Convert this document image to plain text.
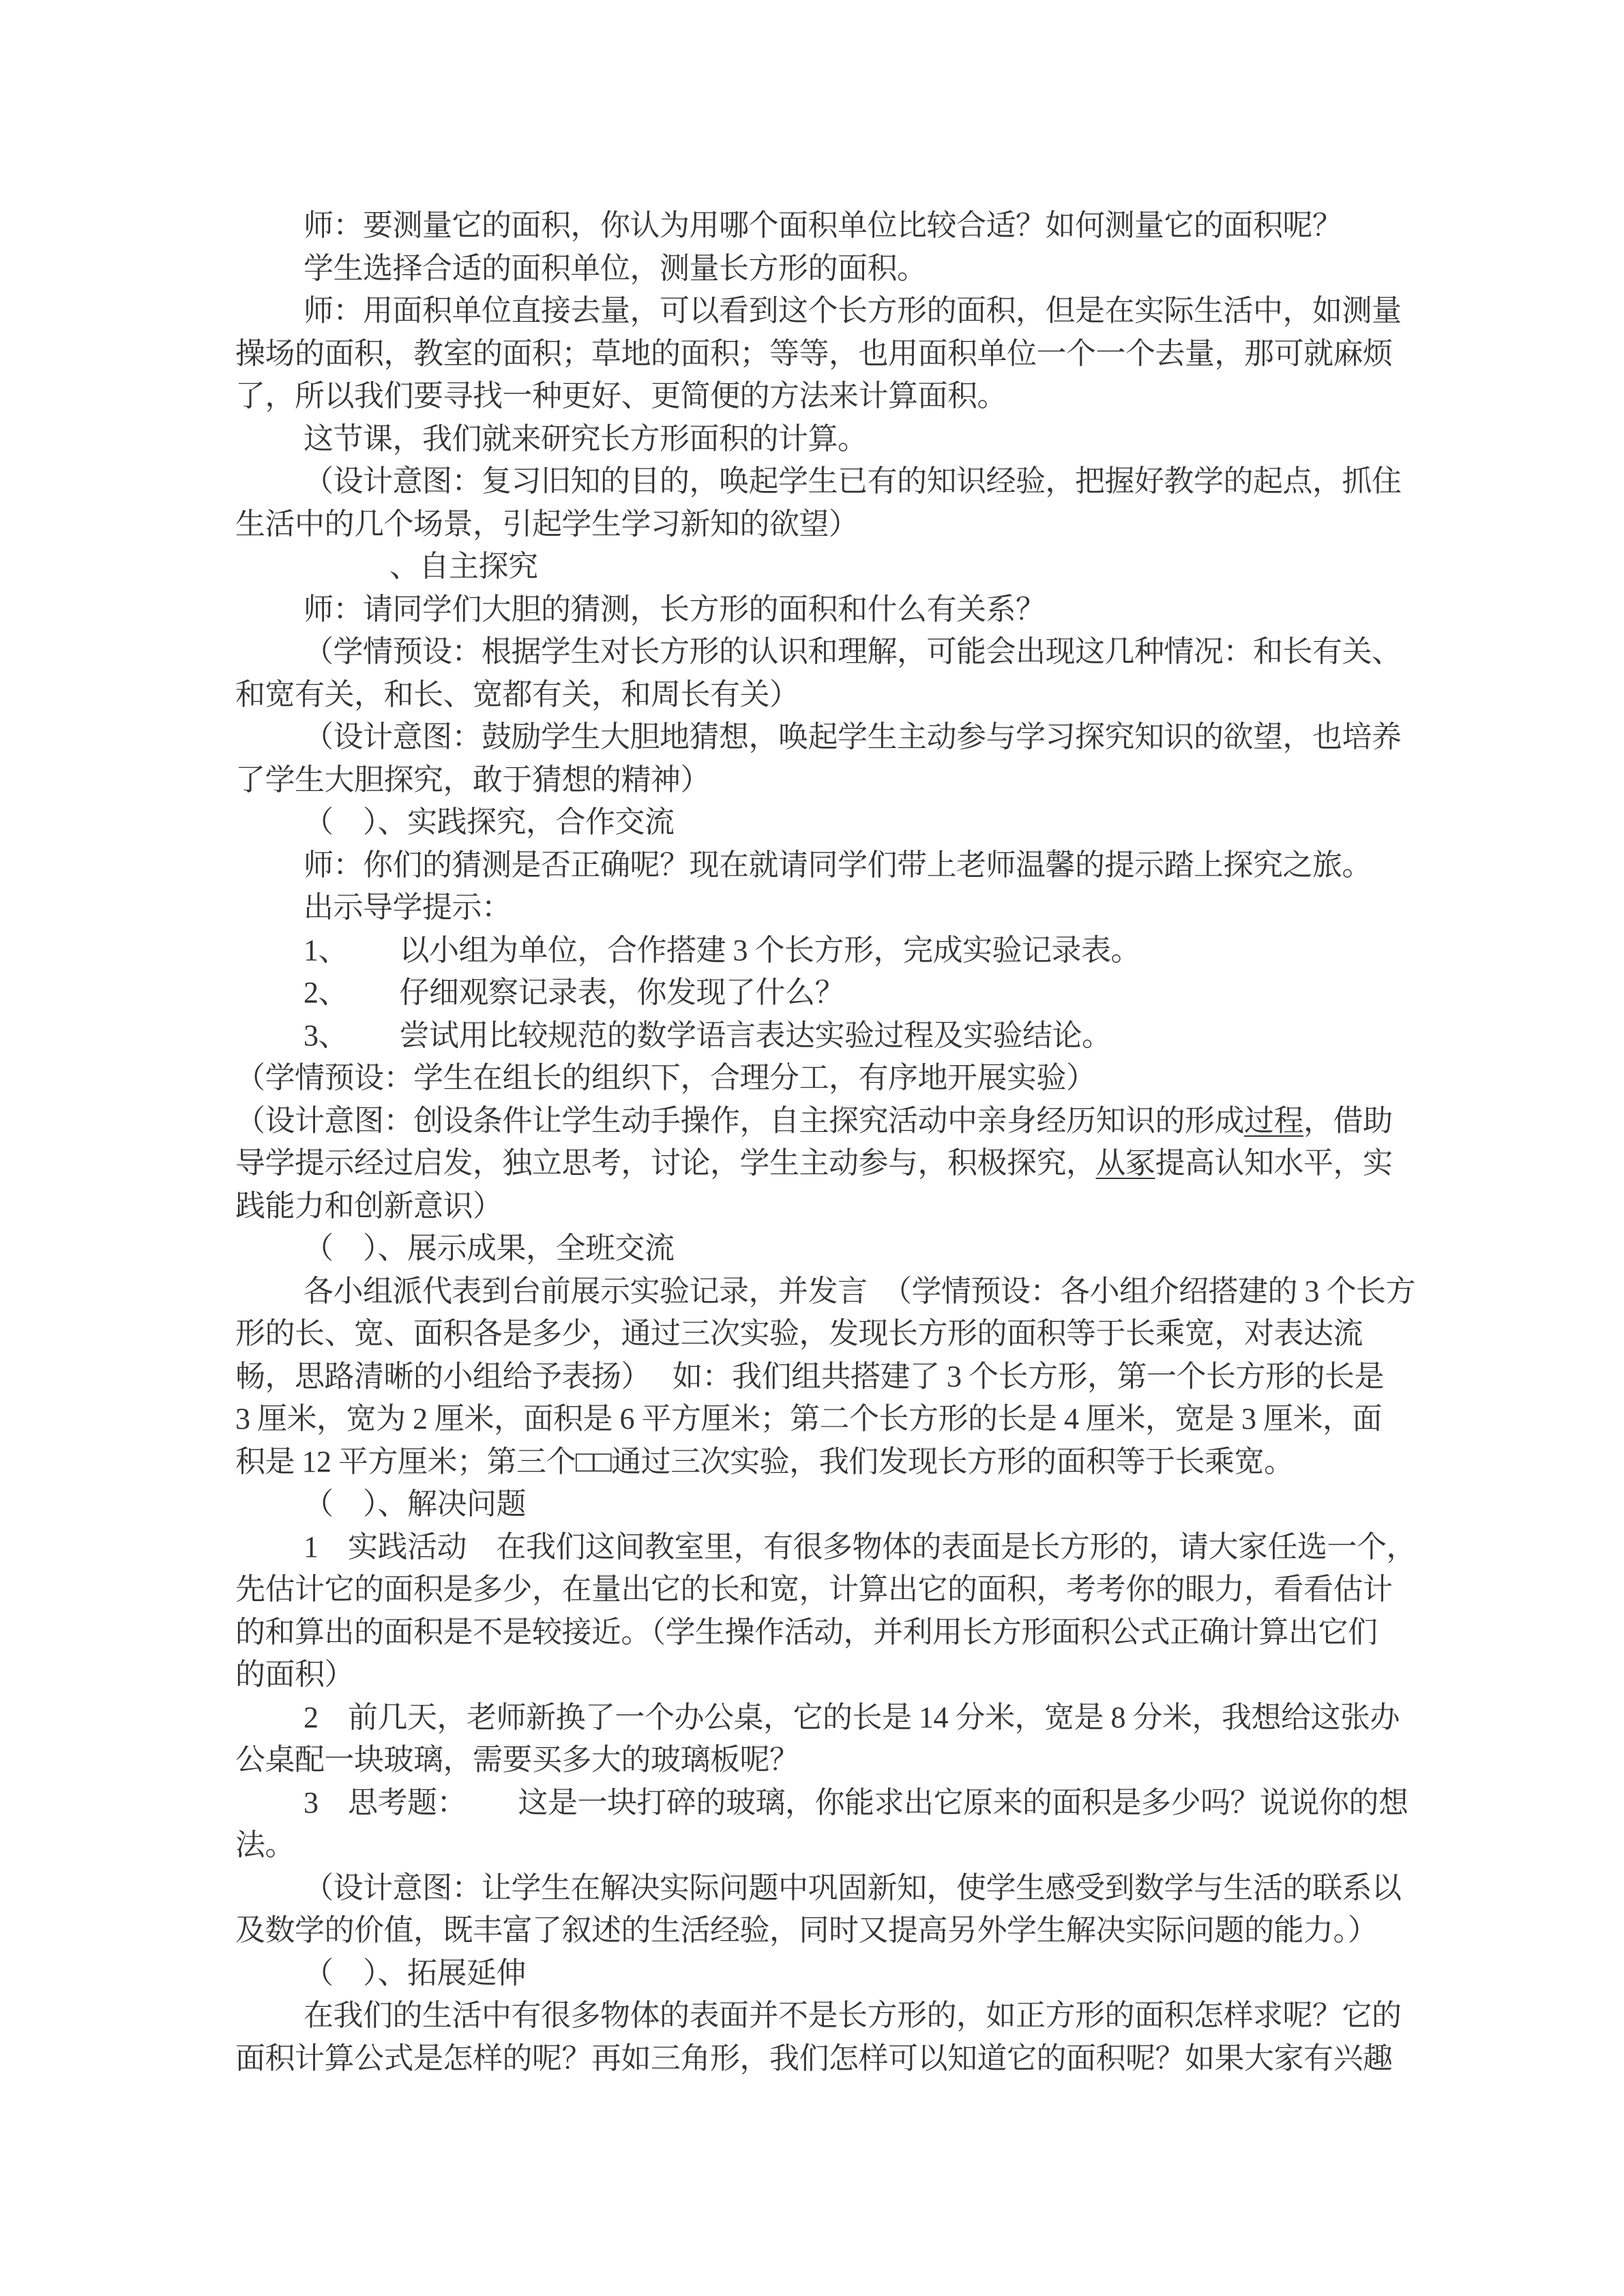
师：要测量它的面积，你认为用哪个面积单位比较合适？如何测量它的面积呢？
学生选择合适的面积单位，测量长方形的面积。
师：用面积单位直接去量，可以看到这个长方形的面积，但是在实际生活中，如测量
操场的面积，教室的面积；草地的面积；等等，也用面积单位一个一个去量，那可就麻烦
了，所以我们要寻找一种更好、更简便的方法来计算面积。
这节课，我们就来研究长方形面积的计算。
（设计意图：复习旧知的目的，唤起学生已有的知识经验，把握好教学的起点，抓住
生活中的几个场景，引起学生学习新知的欲望）
、自主探究
师：请同学们大胆的猜测，长方形的面积和什么有关系？
（学情预设：根据学生对长方形的认识和理解，可能会出现这几种情况：和长有关、
和宽有关，和长、宽都有关，和周长有关）
（设计意图：鼓励学生大胆地猜想，唤起学生主动参与学习探究知识的欲望，也培养
了学生大胆探究，敢于猜想的精神）
（　）、实践探究，合作交流
师：你们的猜测是否正确呢？现在就请同学们带上老师温馨的提示踏上探究之旅。
出示导学提示：
1、　　 以小组为单位，合作搭建 3 个长方形，完成实验记录表。
2、　　 仔细观察记录表，你发现了什么？
3、　　 尝试用比较规范的数学语言表达实验过程及实验结论。
（学情预设：学生在组长的组织下，合理分工，有序地开展实验）
（设计意图：创设条件让学生动手操作，自主探究活动中亲身经历知识的形成过程，借助
导学提示经过启发，独立思考，讨论，学生主动参与，积极探究，从冢提高认知水平，实
践能力和创新意识）
（　）、展示成果，全班交流
各小组派代表到台前展示实验记录，并发言　（学情预设：各小组介绍搭建的 3 个长方
形的长、宽、面积各是多少，通过三次实验，发现长方形的面积等于长乘宽，对表达流
畅，思路清晰的小组给予表扬）　 如：我们组共搭建了 3 个长方形，第一个长方形的长是
3 厘米，宽为 2 厘米，面积是 6 平方厘米；第二个长方形的长是 4 厘米，宽是 3 厘米，面
积是 12 平方厘米；第三个□□通过三次实验，我们发现长方形的面积等于长乘宽。
（　）、解决问题
1　实践活动　在我们这间教室里，有很多物体的表面是长方形的，请大家任选一个，
先估计它的面积是多少，在量出它的长和宽，计算出它的面积，考考你的眼力，看看估计
的和算出的面积是不是较接近。（学生操作活动，并利用长方形面积公式正确计算出它们
的面积）
2　前几天，老师新换了一个办公桌，它的长是 14 分米，宽是 8 分米，我想给这张办
公桌配一块玻璃，需要买多大的玻璃板呢？
3　思考题：　　 这是一块打碎的玻璃，你能求出它原来的面积是多少吗？说说你的想
法。
（设计意图：让学生在解决实际问题中巩固新知，使学生感受到数学与生活的联系以
及数学的价值，既丰富了叙述的生活经验，同时又提高另外学生解决实际问题的能力。）
（　）、拓展延伸
在我们的生活中有很多物体的表面并不是长方形的，如正方形的面积怎样求呢？它的
面积计算公式是怎样的呢？再如三角形，我们怎样可以知道它的面积呢？如果大家有兴趣
